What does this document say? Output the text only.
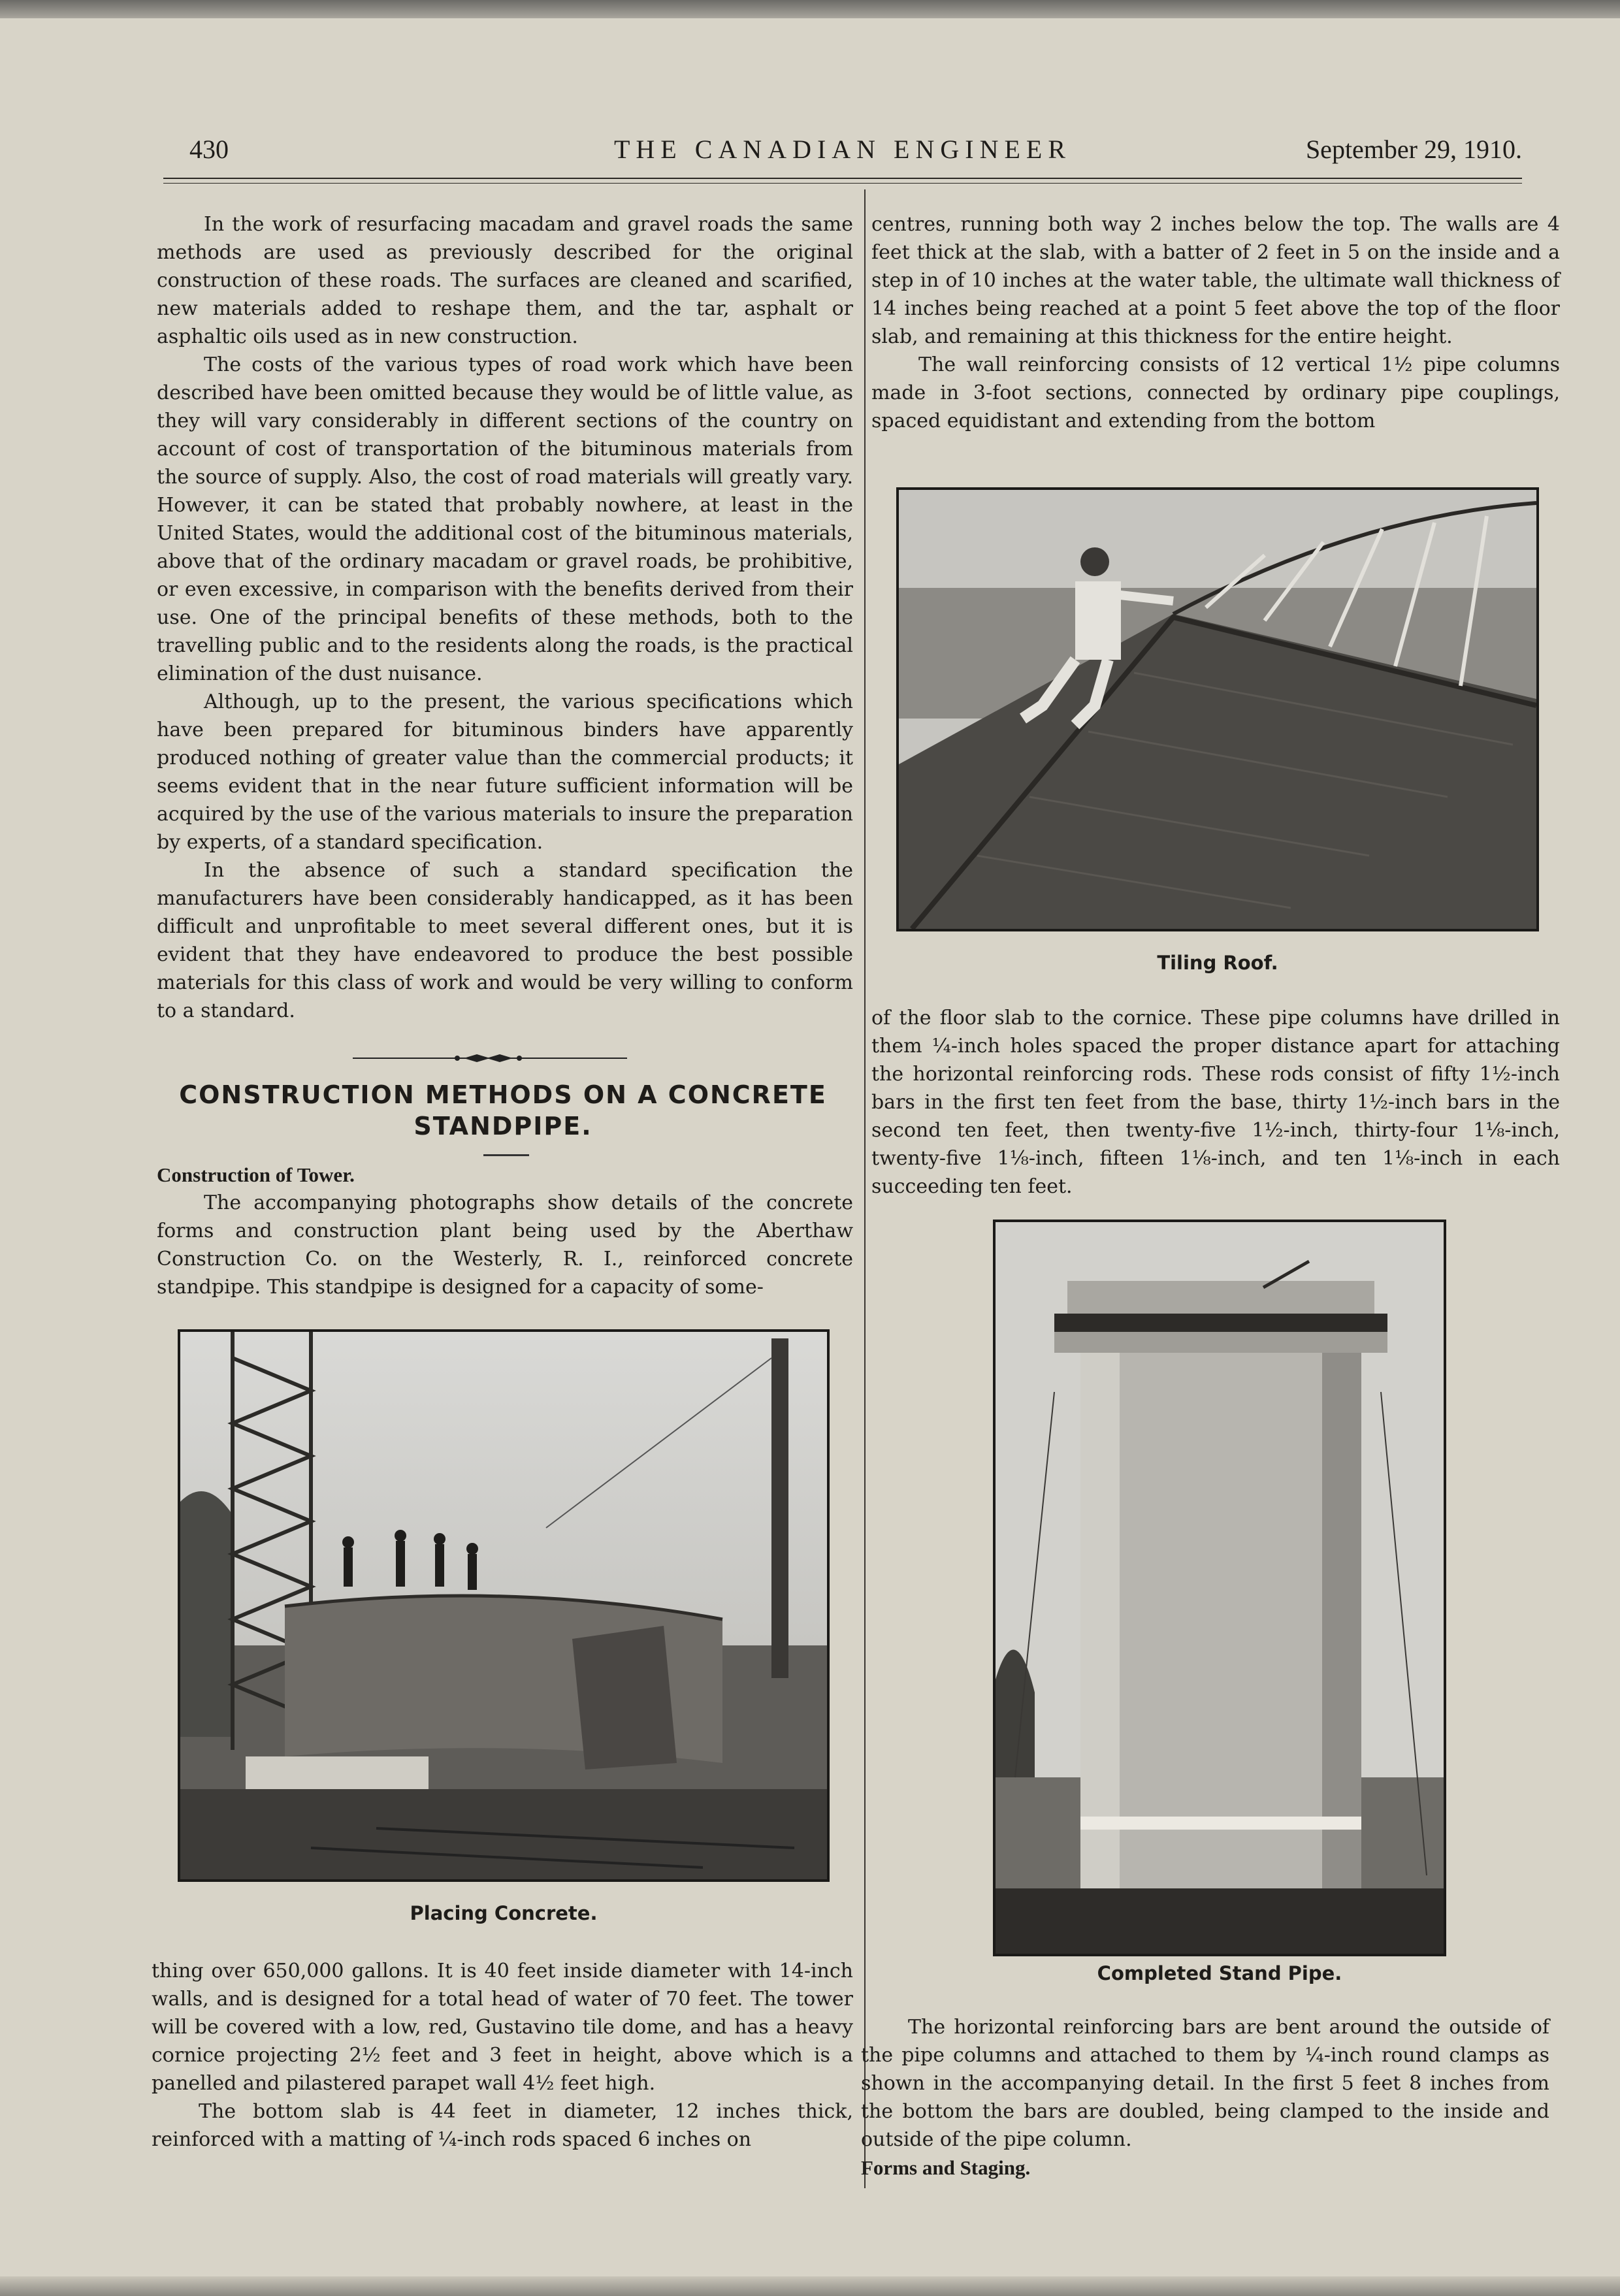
430	THE CANADIAN ENGINEER	September 29, 1910.

In the work of resurfacing macadam and gravel roads the same methods are used as previously described for the original construction of these roads. The surfaces are cleaned and scarified, new materials added to reshape them, and the tar, asphalt or asphaltic oils used as in new construction.

The costs of the various types of road work which have been described have been omitted because they would be of little value, as they will vary considerably in different sections of the country on account of cost of transportation of the bituminous materials from the source of supply. Also, the cost of road materials will greatly vary. However, it can be stated that probably nowhere, at least in the United States, would the additional cost of the bituminous materials, above that of the ordinary macadam or gravel roads, be prohibitive, or even excessive, in comparison with the benefits derived from their use. One of the principal benefits of these methods, both to the travelling public and to the residents along the roads, is the practical elimination of the dust nuisance.

Although, up to the present, the various specifications which have been prepared for bituminous binders have apparently produced nothing of greater value than the commercial products; it seems evident that in the near future sufficient information will be acquired by the use of the various materials to insure the preparation by experts, of a standard specification.

In the absence of such a standard specification the manufacturers have been considerably handicapped, as it has been difficult and unprofitable to meet several different ones, but it is evident that they have endeavored to produce the best possible materials for this class of work and would be very willing to conform to a standard.

CONSTRUCTION METHODS ON A CONCRETE STANDPIPE.

Construction of Tower.

The accompanying photographs show details of the concrete forms and construction plant being used by the Aberthaw Construction Co. on the Westerly, R. I., reinforced concrete standpipe. This standpipe is designed for a capacity of some-

Placing Concrete.

thing over 650,000 gallons. It is 40 feet inside diameter with 14-inch walls, and is designed for a total head of water of 70 feet. The tower will be covered with a low, red, Gustavino tile dome, and has a heavy cornice projecting 2½ feet and 3 feet in height, above which is a panelled and pilastered parapet wall 4½ feet high.

The bottom slab is 44 feet in diameter, 12 inches thick, reinforced with a matting of ¼-inch rods spaced 6 inches on

centres, running both way 2 inches below the top. The walls are 4 feet thick at the slab, with a batter of 2 feet in 5 on the inside and a step in of 10 inches at the water table, the ultimate wall thickness of 14 inches being reached at a point 5 feet above the top of the floor slab, and remaining at this thickness for the entire height.

The wall reinforcing consists of 12 vertical 1½ pipe columns made in 3-foot sections, connected by ordinary pipe couplings, spaced equidistant and extending from the bottom

Tiling Roof.

of the floor slab to the cornice. These pipe columns have drilled in them ¼-inch holes spaced the proper distance apart for attaching the horizontal reinforcing rods. These rods consist of fifty 1½-inch bars in the first ten feet from the base, thirty 1½-inch bars in the second ten feet, then twenty-five 1½-inch, thirty-four 1⅛-inch, twenty-five 1⅛-inch, fifteen 1⅛-inch, and ten 1⅛-inch in each succeeding ten feet.

Completed Stand Pipe.

The horizontal reinforcing bars are bent around the outside of the pipe columns and attached to them by ¼-inch round clamps as shown in the accompanying detail. In the first 5 feet 8 inches from the bottom the bars are doubled, being clamped to the inside and outside of the pipe column.

Forms and Staging.
